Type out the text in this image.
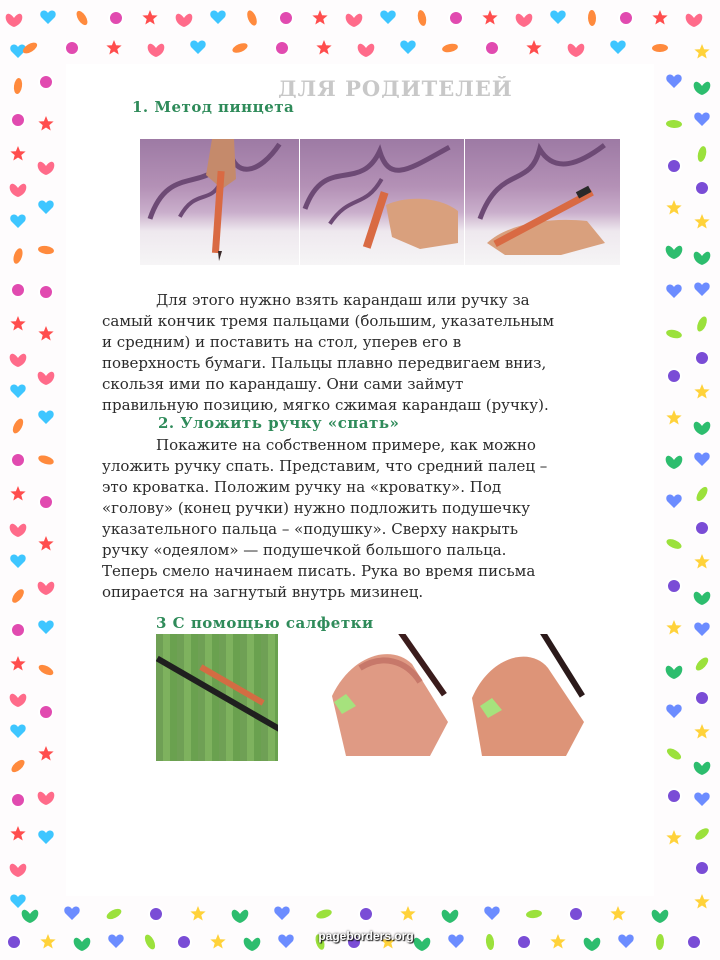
ДЛЯ РОДИТЕЛЕЙ
1. Метод пинцета
Для этого нужно взять карандаш или ручку за
самый кончик тремя пальцами (большим, указательным
и средним) и поставить на стол, уперев его в
поверхность бумаги. Пальцы плавно передвигаем вниз,
скользя ими по карандашу. Они сами займут
правильную позицию, мягко сжимая карандаш (ручку).
2. Уложить ручку «спать»
Покажите на собственном примере, как можно
уложить ручку спать. Представим, что средний палец –
это кроватка. Положим ручку на «кроватку». Под
«голову» (конец ручки) нужно подложить подушечку
указательного пальца – «подушку». Сверху накрыть
ручку «одеялом» — подушечкой большого пальца.
Теперь смело начинаем писать. Рука во время письма
опирается на загнутый внутрь мизинец.
3 С помощью салфетки
pageborders.org
